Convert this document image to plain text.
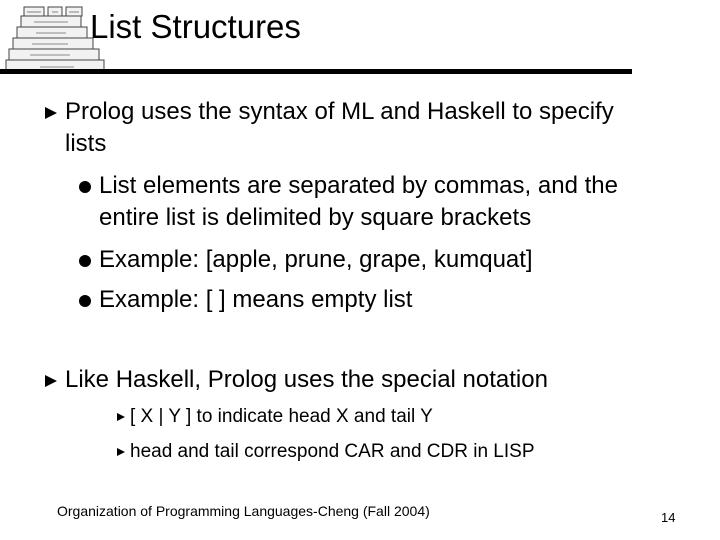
List Structures
Prolog uses the syntax of ML and Haskell to specify
lists
List elements are separated by commas, and the
entire list is delimited by square brackets
Example: [apple, prune, grape, kumquat]
Example: [ ] means empty list
Like Haskell, Prolog uses the special notation
[ X | Y ] to indicate head X and tail Y
head and tail correspond CAR and CDR in LISP
Organization of Programming Languages-Cheng (Fall 2004)	14
